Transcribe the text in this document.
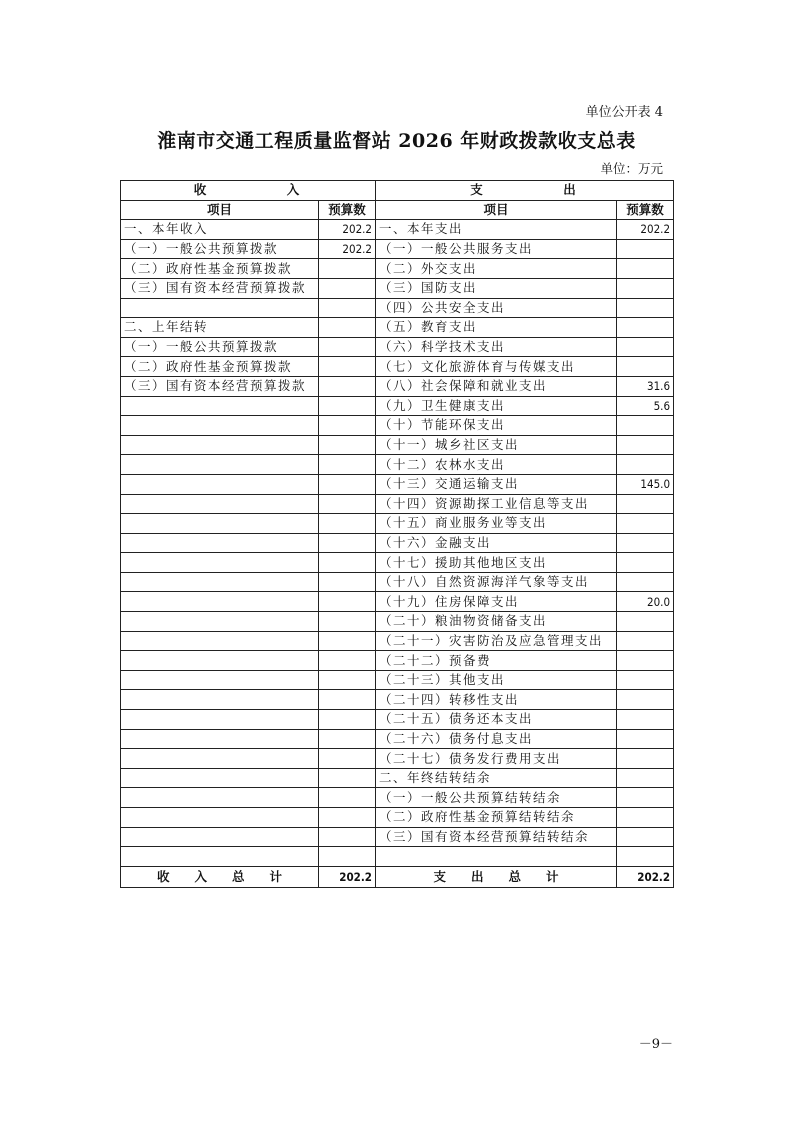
单位公开表 4
淮南市交通工程质量监督站 2026 年财政拨款收支总表
单位：万元
收　　　　　入		支　　　　　出	
项目	预算数	项目	预算数
一、本年收入	202.2	一、本年支出	202.2
（一）一般公共预算拨款	202.2	（一）一般公共服务支出	
（二）政府性基金预算拨款		（二）外交支出	
（三）国有资本经营预算拨款		（三）国防支出	
		（四）公共安全支出	
二、上年结转		（五）教育支出	
（一）一般公共预算拨款		（六）科学技术支出	
（二）政府性基金预算拨款		（七）文化旅游体育与传媒支出	
（三）国有资本经营预算拨款		（八）社会保障和就业支出	31.6
		（九）卫生健康支出	5.6
		（十）节能环保支出	
		（十一）城乡社区支出	
		（十二）农林水支出	
		（十三）交通运输支出	145.0
		（十四）资源勘探工业信息等支出	
		（十五）商业服务业等支出	
		（十六）金融支出	
		（十七）援助其他地区支出	
		（十八）自然资源海洋气象等支出	
		（十九）住房保障支出	20.0
		（二十）粮油物资储备支出	
		（二十一）灾害防治及应急管理支出	
		（二十二）预备费	
		（二十三）其他支出	
		（二十四）转移性支出	
		（二十五）债务还本支出	
		（二十六）债务付息支出	
		（二十七）债务发行费用支出	
		二、年终结转结余	
		（一）一般公共预算结转结余	
		（二）政府性基金预算结转结余	
		（三）国有资本经营预算结转结余	

收　　入　　总　　计	202.2	支　　出　　总　　计	202.2
－9－
